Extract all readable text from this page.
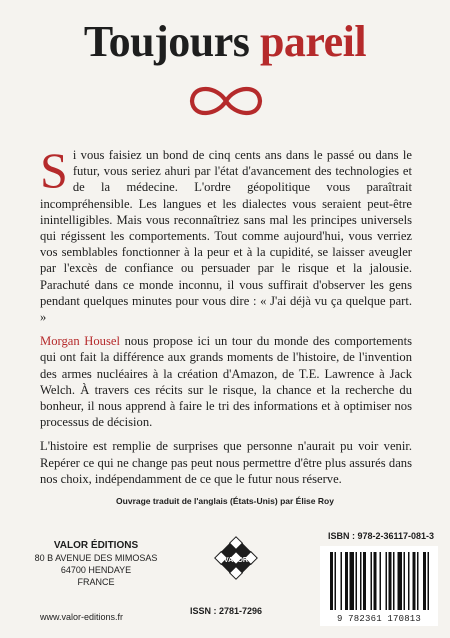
Toujours pareil

Si vous faisiez un bond de cinq cents ans dans le passé ou dans le futur, vous seriez ahuri par l'état d'avancement des technologies et de la médecine. L'ordre géopolitique vous paraîtrait incompréhensible. Les langues et les dialectes vous seraient peut-être inintelligibles. Mais vous reconnaîtriez sans mal les principes universels qui régissent les comportements. Tout comme aujourd'hui, vous verriez vos semblables fonctionner à la peur et à la cupidité, se laisser aveugler par l'excès de confiance ou persuader par le risque et la jalousie. Parachuté dans ce monde inconnu, il vous suffirait d'observer les gens pendant quelques minutes pour vous dire : « J'ai déjà vu ça quelque part. »

Morgan Housel nous propose ici un tour du monde des comportements qui ont fait la différence aux grands moments de l'histoire, de l'invention des armes nucléaires à la création d'Amazon, de T.E. Lawrence à Jack Welch. À travers ces récits sur le risque, la chance et la recherche du bonheur, il nous apprend à faire le tri des informations et à optimiser nos processus de décision.

L'histoire est remplie de surprises que personne n'aurait pu voir venir. Repérer ce qui ne change pas peut nous permettre d'être plus assurés dans nos choix, indépendamment de ce que le futur nous réserve.

Ouvrage traduit de l'anglais (États-Unis) par Élise Roy
VALOR ÉDITIONS
80 B AVENUE DES MIMOSAS
64700 HENDAYE
FRANCE
www.valor-editions.fr
VALOR
ISSN : 2781-7296
ISBN : 978-2-36117-081-3
9 782361 170813
